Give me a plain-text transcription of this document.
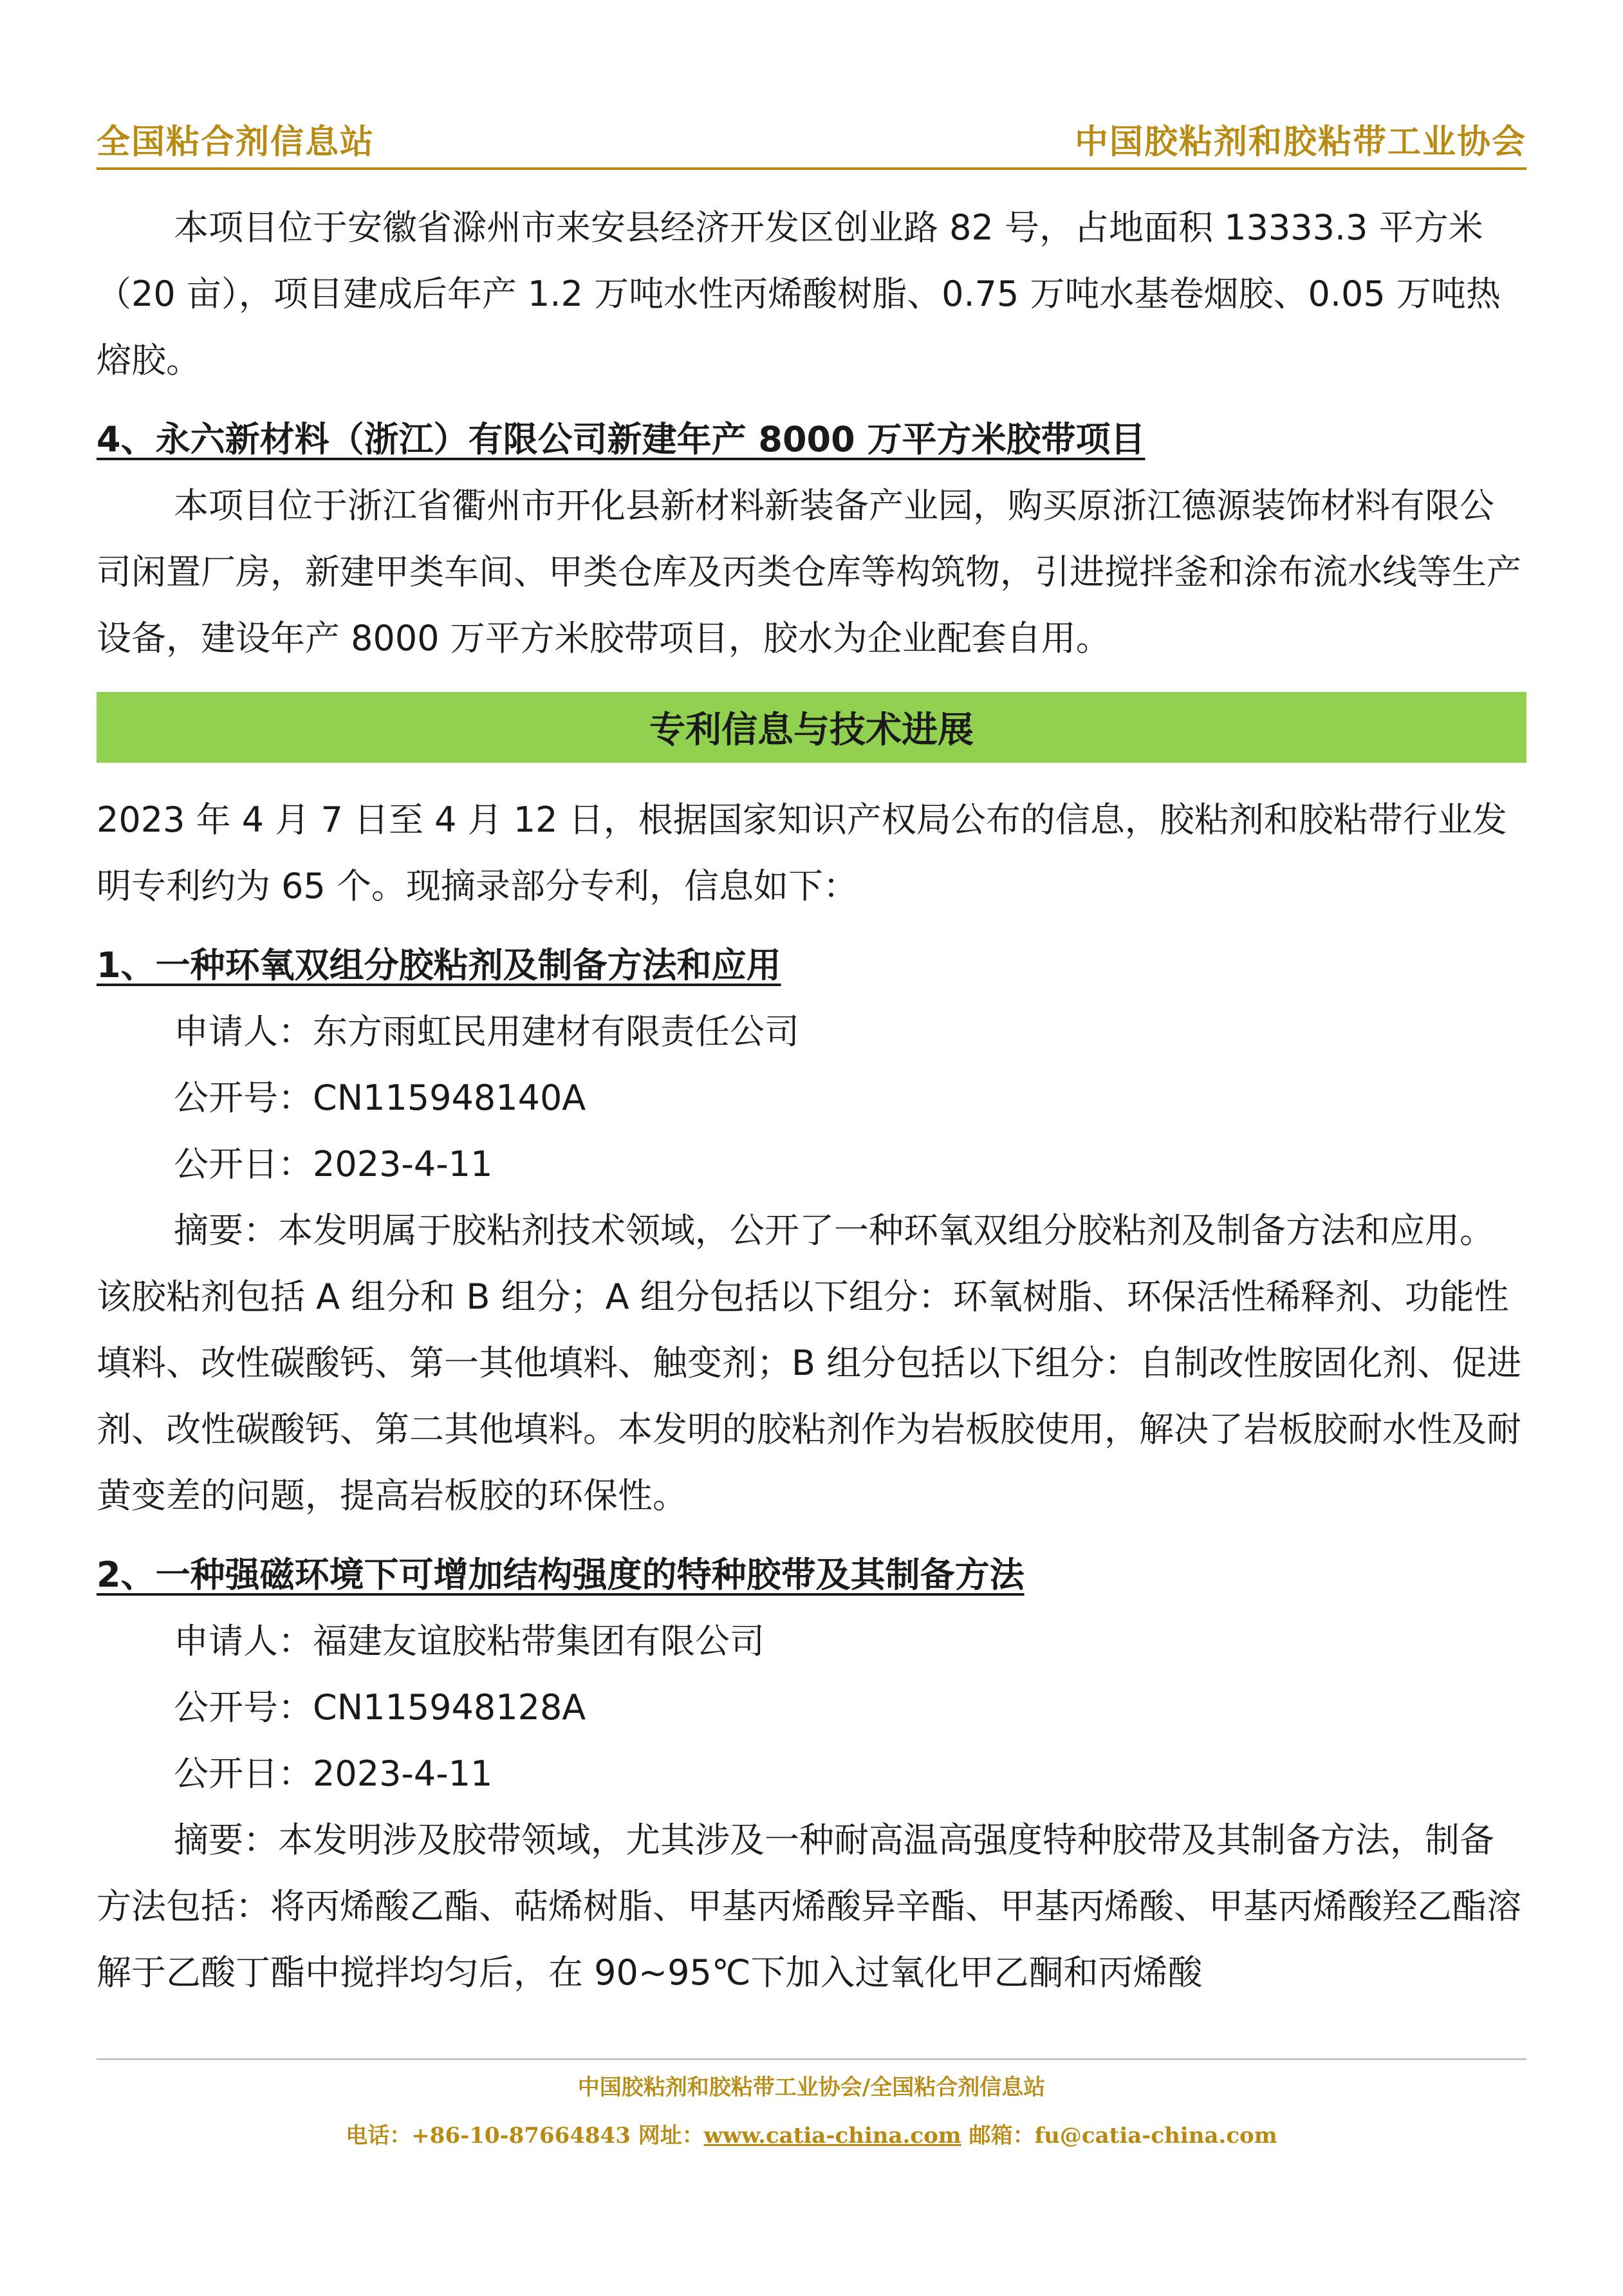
全国粘合剂信息站	中国胶粘剂和胶粘带工业协会

本项目位于安徽省滁州市来安县经济开发区创业路 82 号，占地面积 13333.3 平方米（20 亩），项目建成后年产 1.2 万吨水性丙烯酸树脂、0.75 万吨水基卷烟胶、0.05 万吨热熔胶。

4、永六新材料（浙江）有限公司新建年产 8000 万平方米胶带项目

本项目位于浙江省衢州市开化县新材料新装备产业园，购买原浙江德源装饰材料有限公司闲置厂房，新建甲类车间、甲类仓库及丙类仓库等构筑物，引进搅拌釜和涂布流水线等生产设备，建设年产 8000 万平方米胶带项目，胶水为企业配套自用。

专利信息与技术进展

2023 年 4 月 7 日至 4 月 12 日，根据国家知识产权局公布的信息，胶粘剂和胶粘带行业发明专利约为 65 个。现摘录部分专利，信息如下：

1、一种环氧双组分胶粘剂及制备方法和应用

申请人：东方雨虹民用建材有限责任公司

公开号：CN115948140A

公开日：2023-4-11

摘要：本发明属于胶粘剂技术领域，公开了一种环氧双组分胶粘剂及制备方法和应用。该胶粘剂包括 A 组分和 B 组分；A 组分包括以下组分：环氧树脂、环保活性稀释剂、功能性填料、改性碳酸钙、第一其他填料、触变剂；B 组分包括以下组分：自制改性胺固化剂、促进剂、改性碳酸钙、第二其他填料。本发明的胶粘剂作为岩板胶使用，解决了岩板胶耐水性及耐黄变差的问题，提高岩板胶的环保性。

2、一种强磁环境下可增加结构强度的特种胶带及其制备方法

申请人：福建友谊胶粘带集团有限公司

公开号：CN115948128A

公开日：2023-4-11

摘要：本发明涉及胶带领域，尤其涉及一种耐高温高强度特种胶带及其制备方法，制备方法包括：将丙烯酸乙酯、萜烯树脂、甲基丙烯酸异辛酯、甲基丙烯酸、甲基丙烯酸羟乙酯溶解于乙酸丁酯中搅拌均匀后，在 90~95℃下加入过氧化甲乙酮和丙烯酸

中国胶粘剂和胶粘带工业协会/全国粘合剂信息站
电话：+86-10-87664843 网址：www.catia-china.com 邮箱：fu@catia-china.com
